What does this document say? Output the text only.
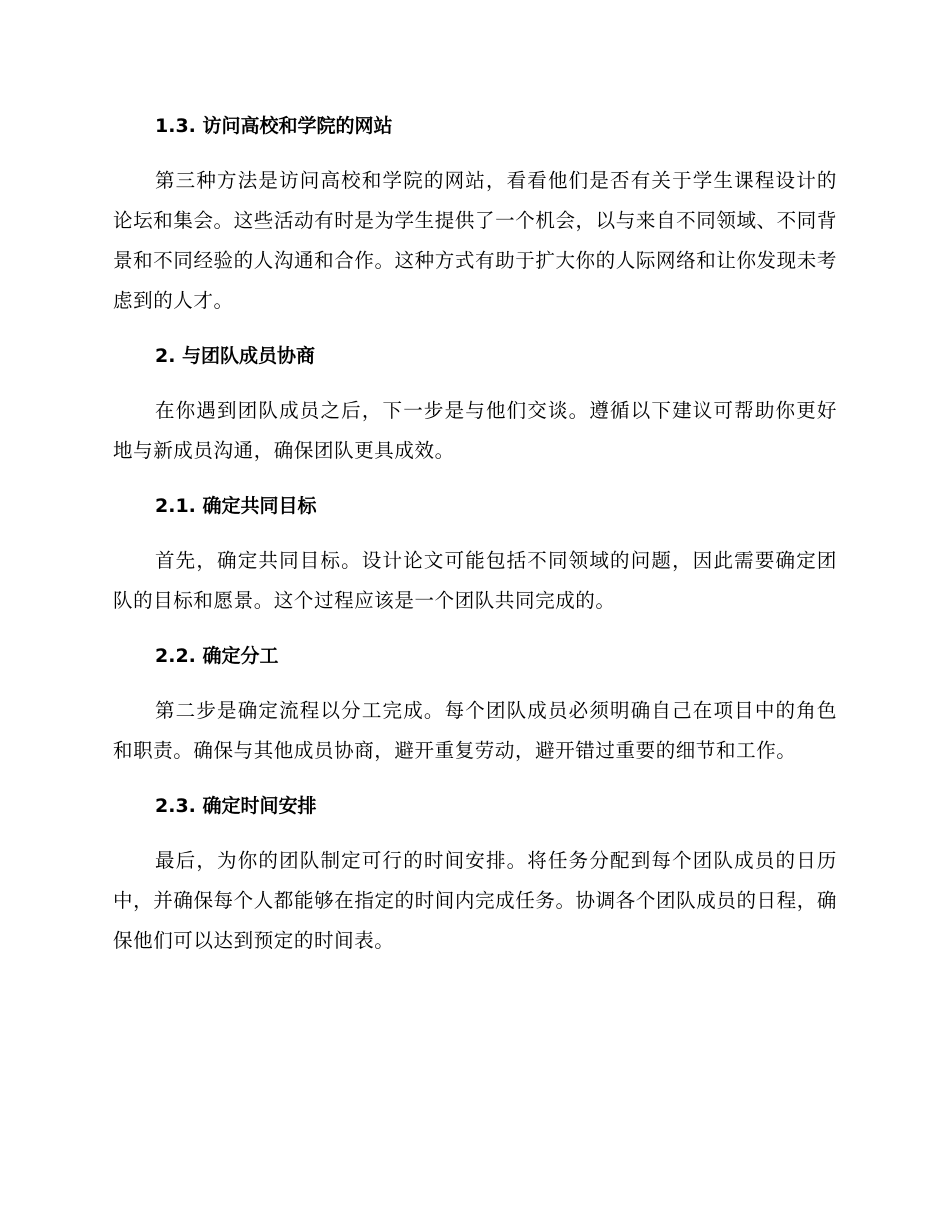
1.3. 访问高校和学院的网站

第三种方法是访问高校和学院的网站，看看他们是否有关于学生课程设计的论坛和集会。这些活动有时是为学生提供了一个机会，以与来自不同领域、不同背景和不同经验的人沟通和合作。这种方式有助于扩大你的人际网络和让你发现未考虑到的人才。

2. 与团队成员协商

在你遇到团队成员之后，下一步是与他们交谈。遵循以下建议可帮助你更好地与新成员沟通，确保团队更具成效。

2.1. 确定共同目标

首先，确定共同目标。设计论文可能包括不同领域的问题，因此需要确定团队的目标和愿景。这个过程应该是一个团队共同完成的。

2.2. 确定分工

第二步是确定流程以分工完成。每个团队成员必须明确自己在项目中的角色和职责。确保与其他成员协商，避开重复劳动，避开错过重要的细节和工作。

2.3. 确定时间安排

最后，为你的团队制定可行的时间安排。将任务分配到每个团队成员的日历中，并确保每个人都能够在指定的时间内完成任务。协调各个团队成员的日程，确保他们可以达到预定的时间表。
